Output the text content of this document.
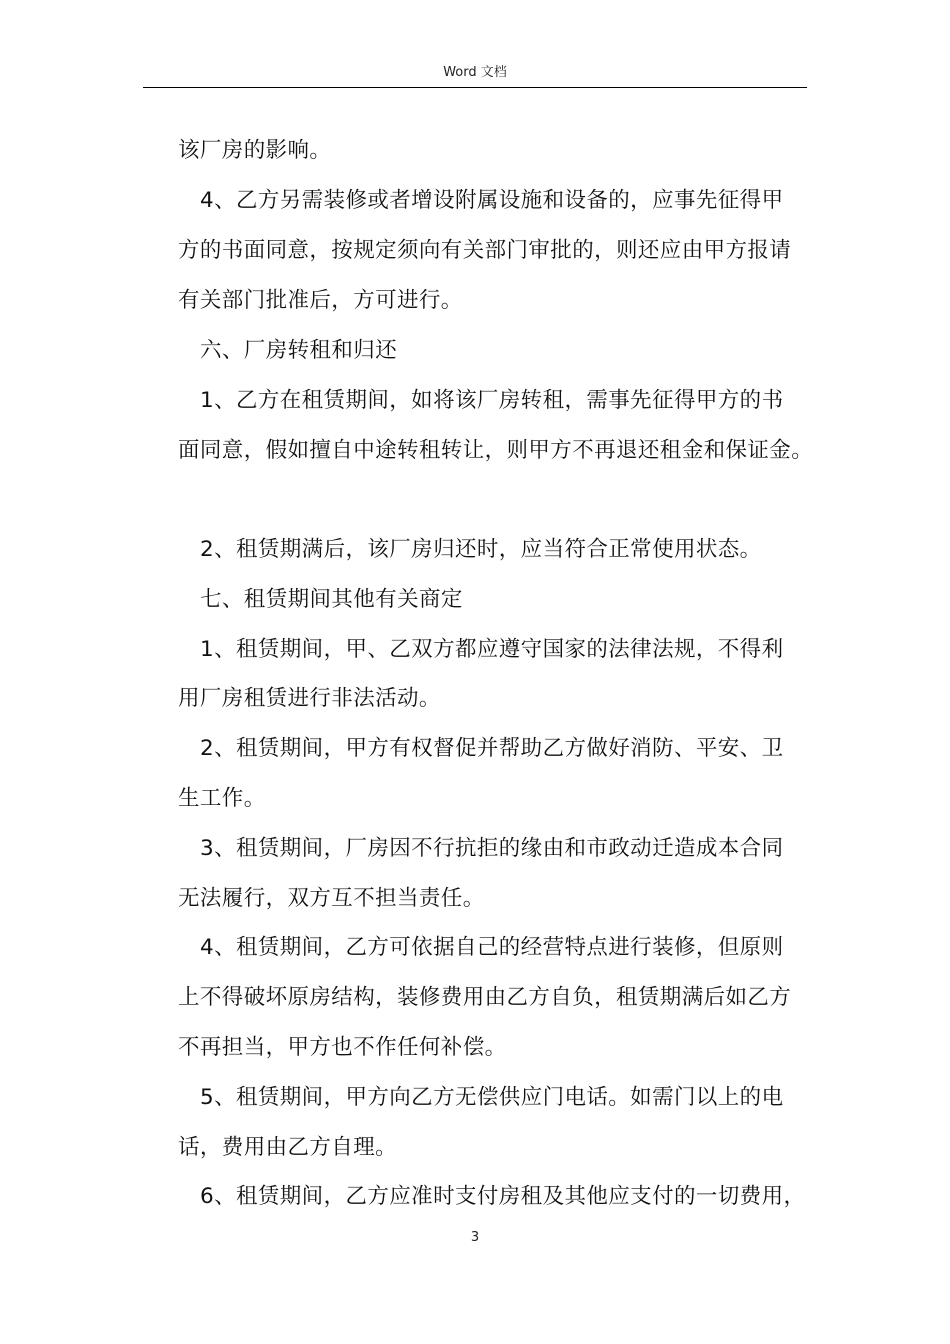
Word 文档
该厂房的影响。
4、乙方另需装修或者增设附属设施和设备的，应事先征得甲
方的书面同意，按规定须向有关部门审批的，则还应由甲方报请
有关部门批准后，方可进行。
六、厂房转租和归还
1、乙方在租赁期间，如将该厂房转租，需事先征得甲方的书
面同意，假如擅自中途转租转让，则甲方不再退还租金和保证金。
2、租赁期满后，该厂房归还时，应当符合正常使用状态。
七、租赁期间其他有关商定
1、租赁期间，甲、乙双方都应遵守国家的法律法规，不得利
用厂房租赁进行非法活动。
2、租赁期间，甲方有权督促并帮助乙方做好消防、平安、卫
生工作。
3、租赁期间，厂房因不行抗拒的缘由和市政动迁造成本合同
无法履行，双方互不担当责任。
4、租赁期间，乙方可依据自己的经营特点进行装修，但原则
上不得破坏原房结构，装修费用由乙方自负，租赁期满后如乙方
不再担当，甲方也不作任何补偿。
5、租赁期间，甲方向乙方无偿供应门电话。如需门以上的电
话，费用由乙方自理。
6、租赁期间，乙方应准时支付房租及其他应支付的一切费用，
3
